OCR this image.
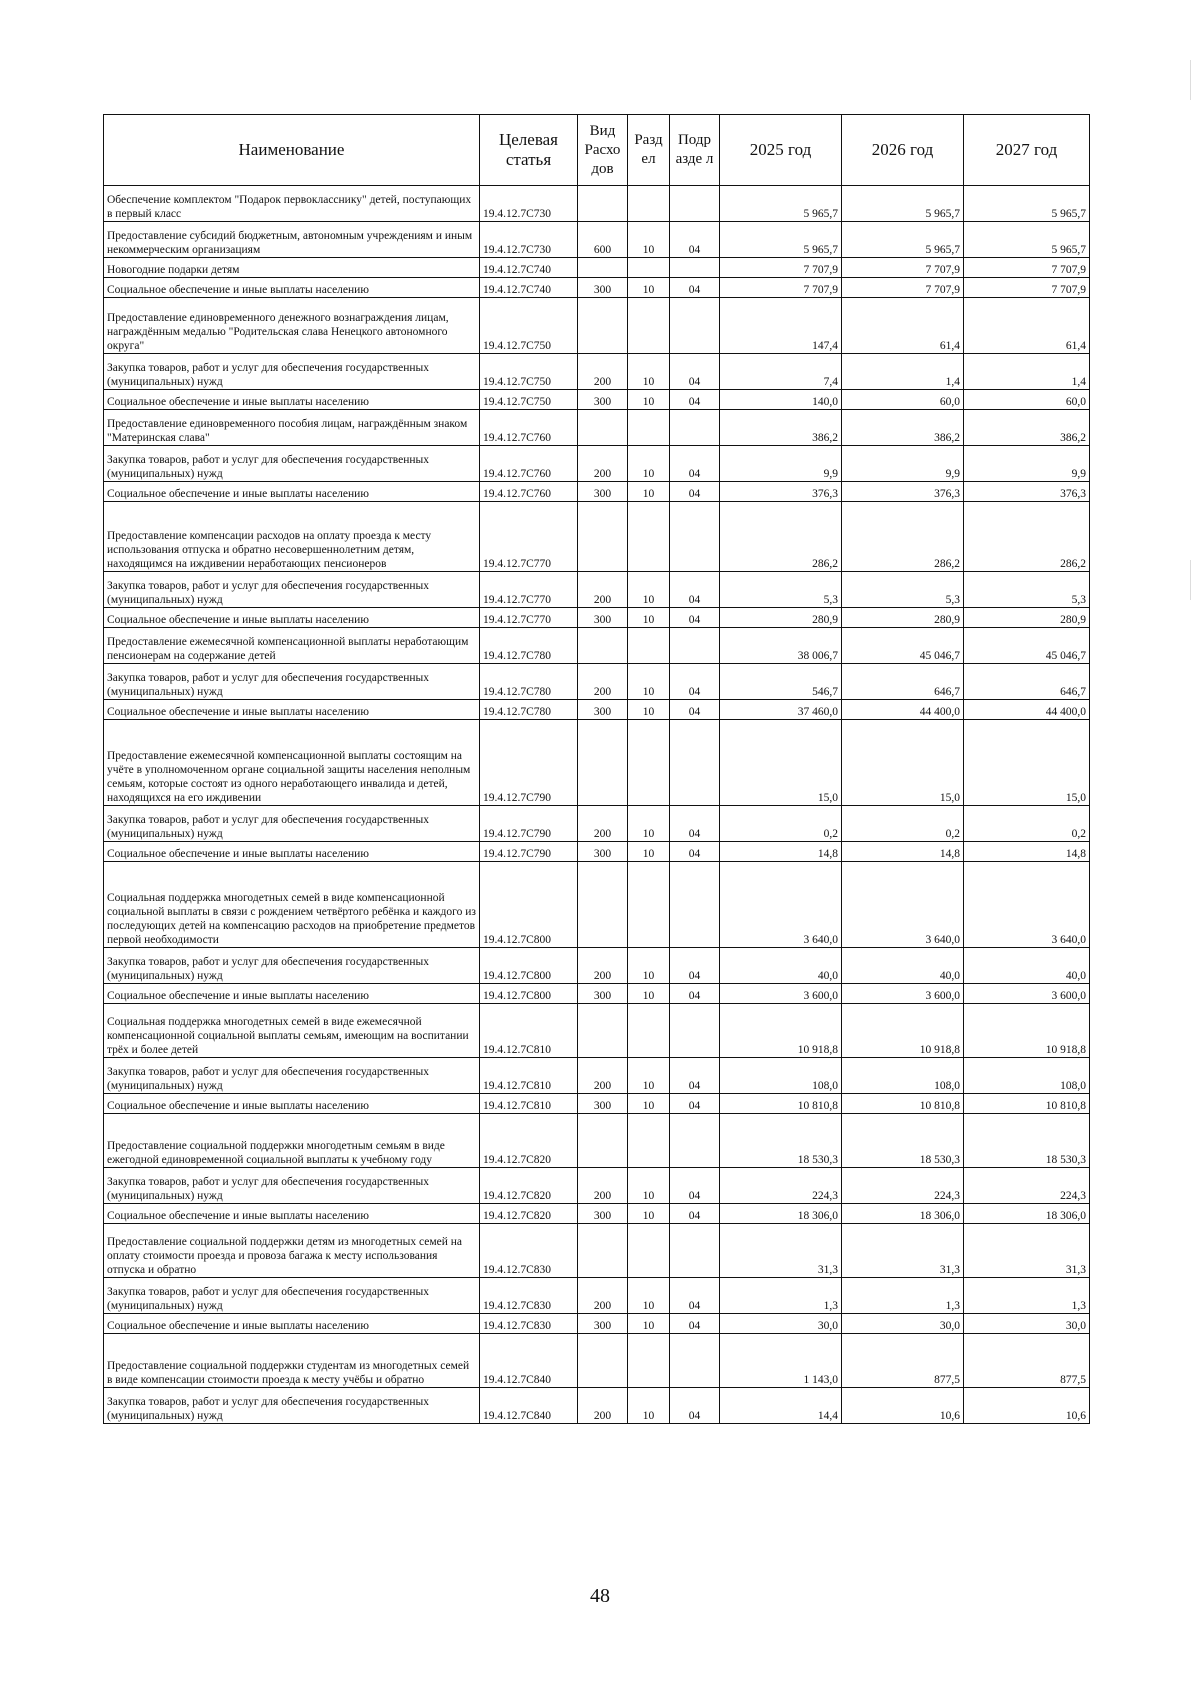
Наименование	Целевая статья	Вид Расхо дов	Разд ел	Подр азде л	2025 год	2026 год	2027 год
Обеспечение комплектом "Подарок первокласснику" детей, поступающих в первый класс	19.4.12.7С730				5 965,7	5 965,7	5 965,7
Предоставление субсидий бюджетным, автономным учреждениям и иным некоммерческим организациям	19.4.12.7С730	600	10	04	5 965,7	5 965,7	5 965,7
Новогодние подарки детям	19.4.12.7С740				7 707,9	7 707,9	7 707,9
Социальное обеспечение и иные выплаты населению	19.4.12.7С740	300	10	04	7 707,9	7 707,9	7 707,9
Предоставление единовременного денежного вознаграждения лицам, награждённым медалью "Родительская слава Ненецкого автономного округа"	19.4.12.7С750				147,4	61,4	61,4
Закупка товаров, работ и услуг для обеспечения государственных (муниципальных) нужд	19.4.12.7С750	200	10	04	7,4	1,4	1,4
Социальное обеспечение и иные выплаты населению	19.4.12.7С750	300	10	04	140,0	60,0	60,0
Предоставление единовременного пособия лицам, награждённым знаком "Материнская слава"	19.4.12.7С760				386,2	386,2	386,2
Закупка товаров, работ и услуг для обеспечения государственных (муниципальных) нужд	19.4.12.7С760	200	10	04	9,9	9,9	9,9
Социальное обеспечение и иные выплаты населению	19.4.12.7С760	300	10	04	376,3	376,3	376,3
Предоставление компенсации расходов на оплату проезда к месту использования отпуска и обратно несовершеннолетним детям, находящимся на иждивении неработающих пенсионеров	19.4.12.7С770				286,2	286,2	286,2
Закупка товаров, работ и услуг для обеспечения государственных (муниципальных) нужд	19.4.12.7С770	200	10	04	5,3	5,3	5,3
Социальное обеспечение и иные выплаты населению	19.4.12.7С770	300	10	04	280,9	280,9	280,9
Предоставление ежемесячной компенсационной выплаты неработающим пенсионерам на содержание детей	19.4.12.7С780				38 006,7	45 046,7	45 046,7
Закупка товаров, работ и услуг для обеспечения государственных (муниципальных) нужд	19.4.12.7С780	200	10	04	546,7	646,7	646,7
Социальное обеспечение и иные выплаты населению	19.4.12.7С780	300	10	04	37 460,0	44 400,0	44 400,0
Предоставление ежемесячной компенсационной выплаты состоящим на учёте в уполномоченном органе социальной защиты населения неполным семьям, которые состоят из одного неработающего инвалида и детей, находящихся на его иждивении	19.4.12.7С790				15,0	15,0	15,0
Закупка товаров, работ и услуг для обеспечения государственных (муниципальных) нужд	19.4.12.7С790	200	10	04	0,2	0,2	0,2
Социальное обеспечение и иные выплаты населению	19.4.12.7С790	300	10	04	14,8	14,8	14,8
Социальная поддержка многодетных семей в виде компенсационной социальной выплаты в связи с рождением четвёртого ребёнка и каждого из последующих детей на компенсацию расходов на приобретение предметов первой необходимости	19.4.12.7С800				3 640,0	3 640,0	3 640,0
Закупка товаров, работ и услуг для обеспечения государственных (муниципальных) нужд	19.4.12.7С800	200	10	04	40,0	40,0	40,0
Социальное обеспечение и иные выплаты населению	19.4.12.7С800	300	10	04	3 600,0	3 600,0	3 600,0
Социальная поддержка многодетных семей в виде ежемесячной компенсационной социальной выплаты семьям, имеющим на воспитании трёх и более детей	19.4.12.7С810				10 918,8	10 918,8	10 918,8
Закупка товаров, работ и услуг для обеспечения государственных (муниципальных) нужд	19.4.12.7С810	200	10	04	108,0	108,0	108,0
Социальное обеспечение и иные выплаты населению	19.4.12.7С810	300	10	04	10 810,8	10 810,8	10 810,8
Предоставление социальной поддержки многодетным семьям в виде ежегодной единовременной социальной выплаты к учебному году	19.4.12.7С820				18 530,3	18 530,3	18 530,3
Закупка товаров, работ и услуг для обеспечения государственных (муниципальных) нужд	19.4.12.7С820	200	10	04	224,3	224,3	224,3
Социальное обеспечение и иные выплаты населению	19.4.12.7С820	300	10	04	18 306,0	18 306,0	18 306,0
Предоставление социальной поддержки детям из многодетных семей на оплату стоимости проезда и провоза багажа к месту использования отпуска и обратно	19.4.12.7С830				31,3	31,3	31,3
Закупка товаров, работ и услуг для обеспечения государственных (муниципальных) нужд	19.4.12.7С830	200	10	04	1,3	1,3	1,3
Социальное обеспечение и иные выплаты населению	19.4.12.7С830	300	10	04	30,0	30,0	30,0
Предоставление социальной поддержки студентам из многодетных семей в виде компенсации стоимости проезда к месту учёбы и обратно	19.4.12.7С840				1 143,0	877,5	877,5
Закупка товаров, работ и услуг для обеспечения государственных (муниципальных) нужд	19.4.12.7С840	200	10	04	14,4	10,6	10,6
48
